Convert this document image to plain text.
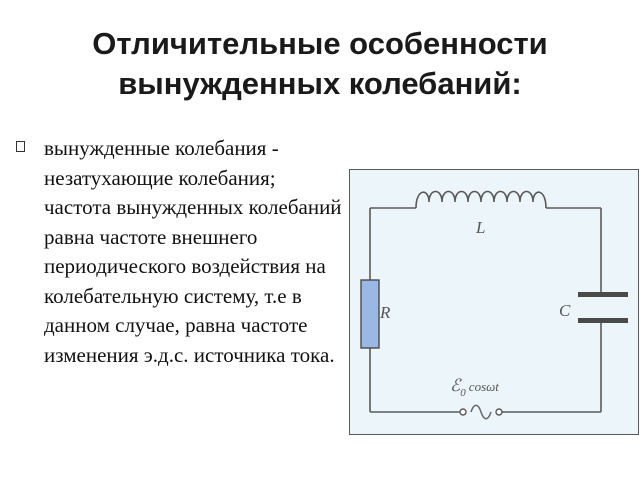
Отличительные особенности вынужденных колебаний:

вынужденные колебания - незатухающие колебания; частота вынужденных колебаний равна частоте внешнего периодического воздействия на колебательную систему, т.е в данном случае, равна частоте изменения э.д.с. источника тока.

L
R	C
ℰ$_0$ $^{cos\omega t}$
